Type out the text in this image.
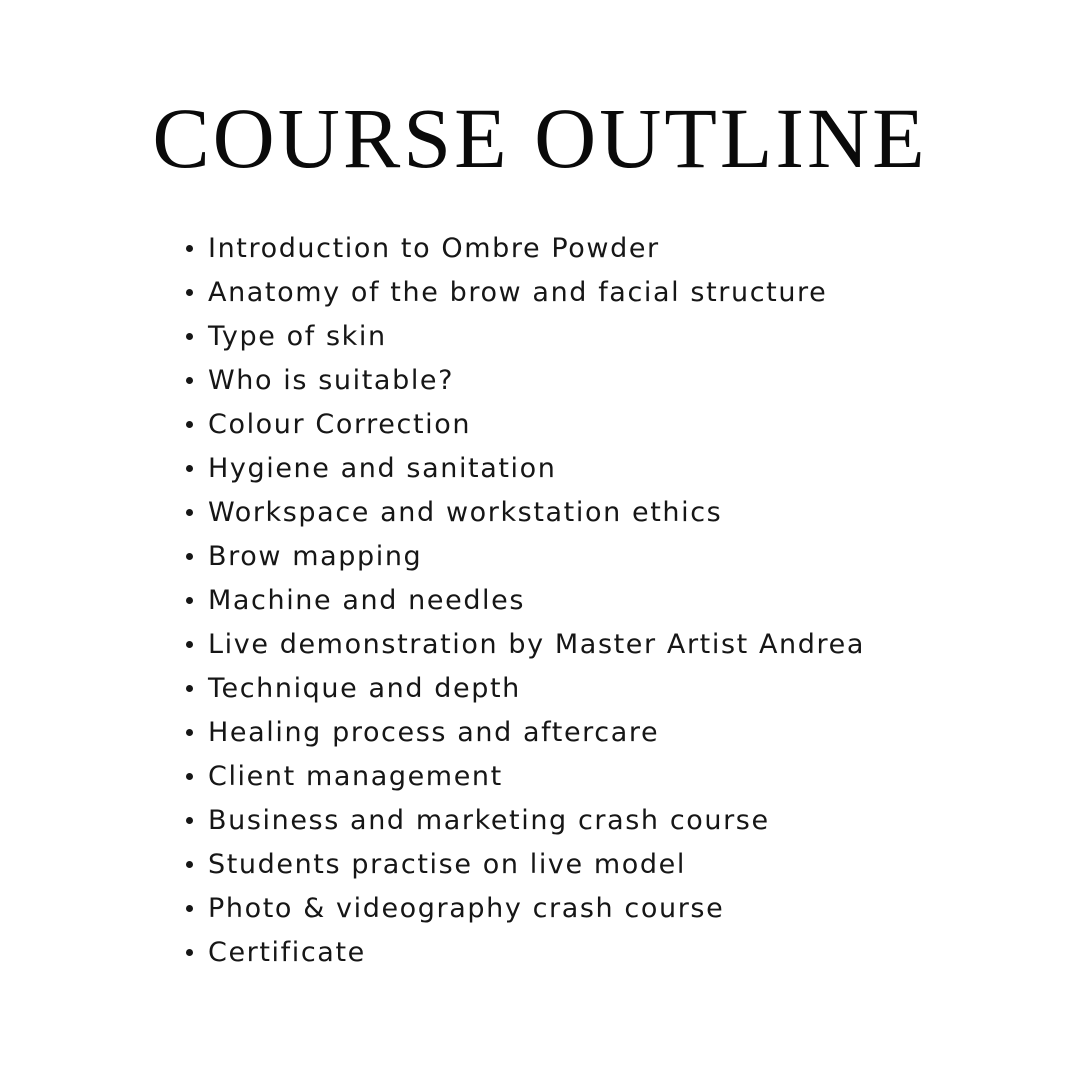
COURSE OUTLINE
Introduction to Ombre Powder
Anatomy of the brow and facial structure
Type of skin
Who is suitable?
Colour Correction
Hygiene and sanitation
Workspace and workstation ethics
Brow mapping
Machine and needles
Live demonstration by Master Artist Andrea
Technique and depth
Healing process and aftercare
Client management
Business and marketing crash course
Students practise on live model
Photo & videography crash course
Certificate
